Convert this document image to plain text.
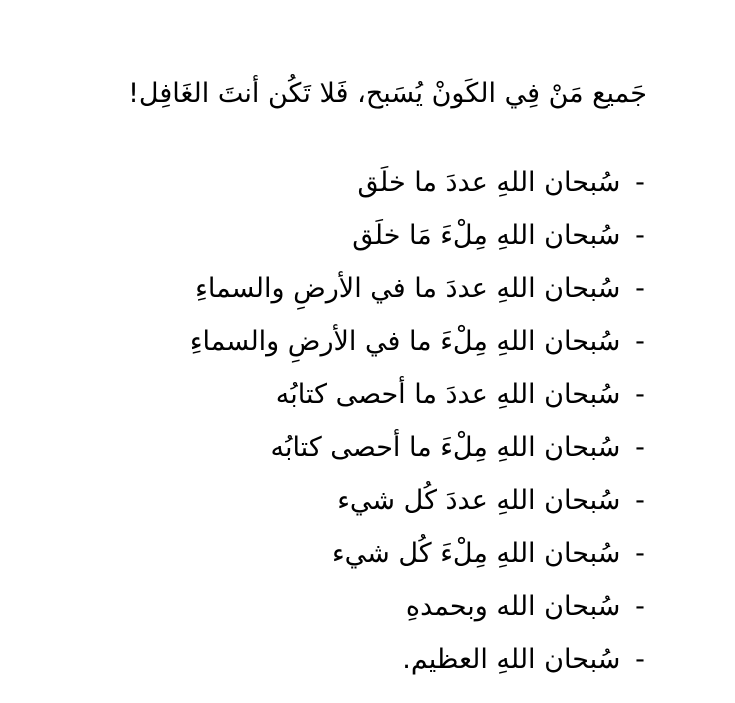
جَميع مَنْ فِي الكَونْ يُسَبح، فَلا تَكُن أنتَ الغَافِل!
- سُبحان اللهِ عددَ ما خلَق
- سُبحان اللهِ مِلْءَ مَا خلَق
- سُبحان اللهِ عددَ ما في الأرضِ والسماءِ
- سُبحان اللهِ مِلْءَ ما في الأرضِ والسماءِ
- سُبحان اللهِ عددَ ما أحصى كتابُه
- سُبحان اللهِ مِلْءَ ما أحصى كتابُه
- سُبحان اللهِ عددَ كُل شيء
- سُبحان اللهِ مِلْءَ كُل شيء
- سُبحان الله وبحمدهِ
- سُبحان اللهِ العظيم.
